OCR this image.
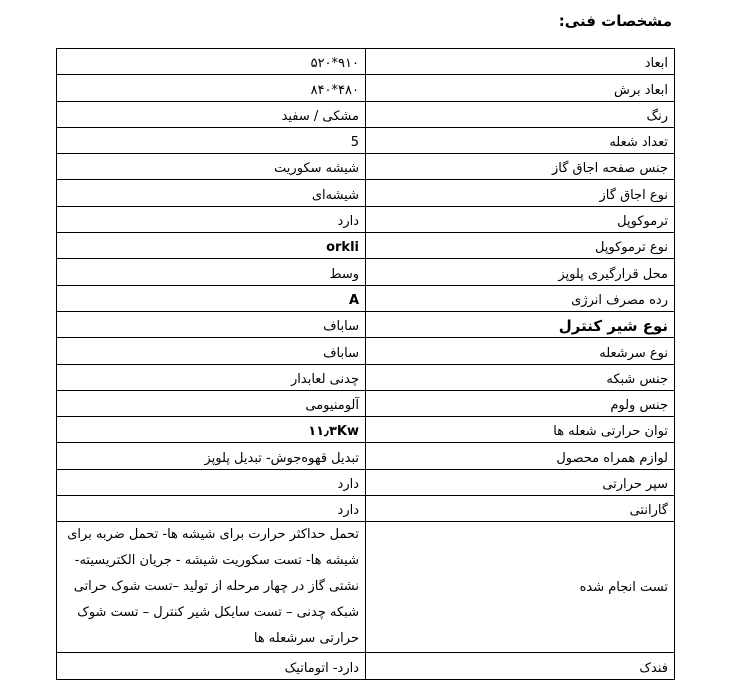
مشخصات فنی:
ابعاد	۹۱۰*۵۲۰
ابعاد برش	۴۸۰*۸۴۰
رنگ	مشکی / سفید
تعداد شعله	5
جنس صفحه اجاق گاز	شیشه سکوریت
نوع اجاق گاز	شیشه‌ای
ترموکوپل	دارد
نوع ترموکوپل	orkli
محل قرارگیری پلوپز	وسط
رده مصرف انرژی	A
نوع شیر کنترل	ساباف
نوع سرشعله	ساباف
جنس شبکه	چدنی لعابدار
جنس ولوم	آلومنیومی
توان حرارتی شعله ها	۱۱٫۳Kw
لوازم همراه محصول	تبدیل قهوه‌جوش- تبدیل پلوپز
سپر حرارتی	دارد
گارانتی	دارد
تست انجام شده	تحمل حداکثر حرارت برای شیشه ها- تحمل ضربه برای شیشه ها- تست سکوریت شیشه - جریان الکتریسیته- نشتی گاز در چهار مرحله از تولید –تست شوک حراتی شبکه چدنی – تست سایکل شیر کنترل – تست شوک حرارتی سرشعله ها
فندک	دارد- اتوماتیک
